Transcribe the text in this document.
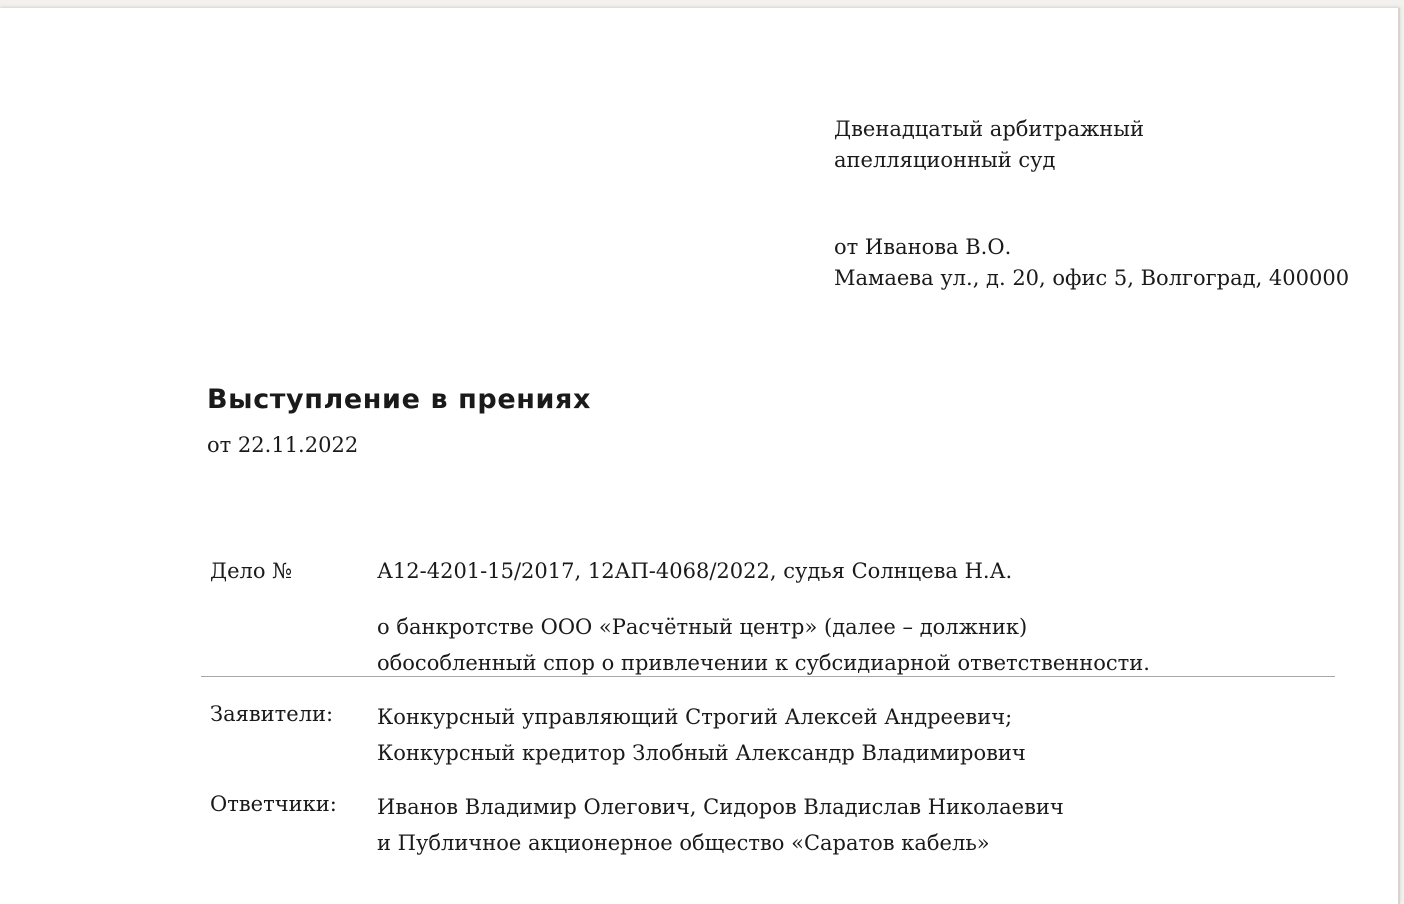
Двенадцатый арбитражный
апелляционный суд
от Иванова В.О.
Мамаева ул., д. 20, офис 5, Волгоград, 400000
Выступление в прениях
от 22.11.2022
Дело №	А12-4201-15/2017, 12АП-4068/2022, судья Солнцева Н.А.
о банкротстве ООО «Расчётный центр» (далее – должник)
обособленный спор о привлечении к субсидиарной ответственности.
Заявители: Конкурсный управляющий Строгий Алексей Андреевич;
Конкурсный кредитор Злобный Александр Владимирович
Ответчики: Иванов Владимир Олегович, Сидоров Владислав Николаевич
и Публичное акционерное общество «Саратов кабель»
